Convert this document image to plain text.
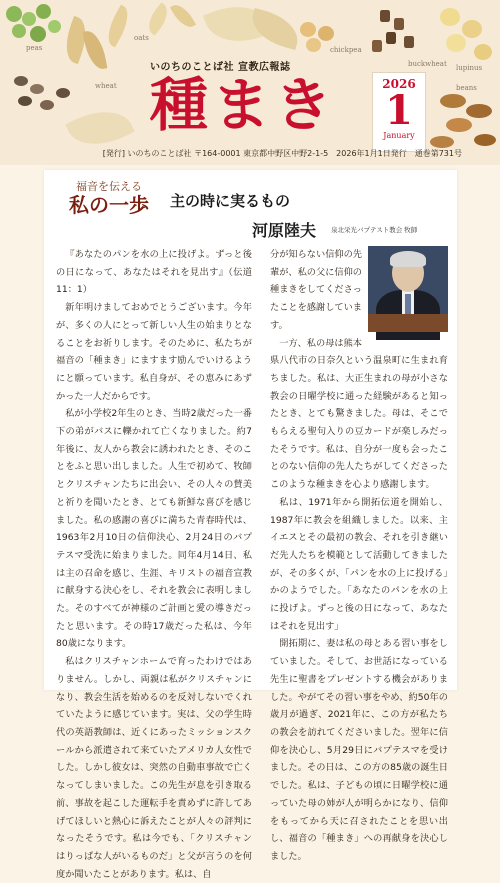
peas
wheat
oats
chickpea
buckwheat lupinus
beans
いのちのことば社 宣教広報誌
種まき	2026
1
January
[発行] いのちのことば社 〒164-0001 東京都中野区中野2-1-5　2026年1月1日発行　通巻第731号
福音を伝える
私の一歩	主の時に実るもの
河原陸夫 泉北栄光バプテスト教会 牧師

『あなたのパンを水の上に投げよ。ずっと後の日になって、あなたはそれを見出す』（伝道11：1）

新年明けましておめでとうございます。今年が、多くの人にとって新しい人生の始まりとなることをお祈りします。そのために、私たちが福音の「種まき」にますます励んでいけるようにと願っています。私自身が、その恵みにあずかった一人だからです。

私が小学校2年生のとき、当時2歳だった一番下の弟がバスに轢かれて亡くなりました。約7年後に、友人から教会に誘われたとき、そのことをふと思い出しました。人生で初めて、牧師とクリスチャンたちに出会い、その人々の賛美と祈りを聞いたとき、とても新鮮な喜びを感じました。私の感謝の喜びに満ちた青春時代は、1963年2月10日の信仰決心、2月24日のバプテスマ受洗に始まりました。同年4月14日、私は主の召命を感じ、生涯、キリストの福音宣教に献身する決心をし、それを教会に表明しました。そのすべてが神様のご計画と愛の導きだったと思います。その時17歳だった私は、今年80歳になります。

私はクリスチャンホームで育ったわけではありません。しかし、両親は私がクリスチャンになり、教会生活を始めるのを反対しないでくれていたように感じています。実は、父の学生時代の英語教師は、近くにあったミッションスクールから派遣されて来ていたアメリカ人女性でした。しかし彼女は、突然の自動車事故で亡くなってしまいました。この先生が息を引き取る前、事故を起こした運転手を責めずに許してあげてほしいと熱心に訴えたことが人々の評判になったそうです。私は今でも、「クリスチャンはりっぱな人がいるものだ」と父が言うのを何度か聞いたことがあります。私は、自

分が知らない信仰の先輩が、私の父に信仰の種まきをしてくださったことを感謝しています。

一方、私の母は熊本県八代市の日奈久という温泉町に生まれ育ちました。私は、大正生まれの母が小さな教会の日曜学校に通った経験があると知ったとき、とても驚きました。母は、そこでもらえる聖句入りの豆カードが楽しみだったそうです。私は、自分が一度も会ったことのない信仰の先人たちがしてくださったこのような種まきを心より感謝します。

私は、1971年から開拓伝道を開始し、1987年に教会を組織しました。以来、主イエスとその最初の教会、それを引き継いだ先人たちを模範として活動してきましたが、その多くが、「パンを水の上に投げる」かのようでした。「あなたのパンを水の上に投げよ。ずっと後の日になって、あなたはそれを見出す」

開拓期に、妻は私の母とある習い事をしていました。そして、お世話になっている先生に聖書をプレゼントする機会がありました。やがてその習い事をやめ、約50年の歳月が過ぎ、2021年に、この方が私たちの教会を訪れてくださいました。翌年に信仰を決心し、5月29日にバプテスマを受けました。その日は、この方の85歳の誕生日でした。私は、子どもの頃に日曜学校に通っていた母の姉が人が明らかになり、信仰をもってから天に召されたことを思い出し、福音の「種まき」への再献身を決心しました。
